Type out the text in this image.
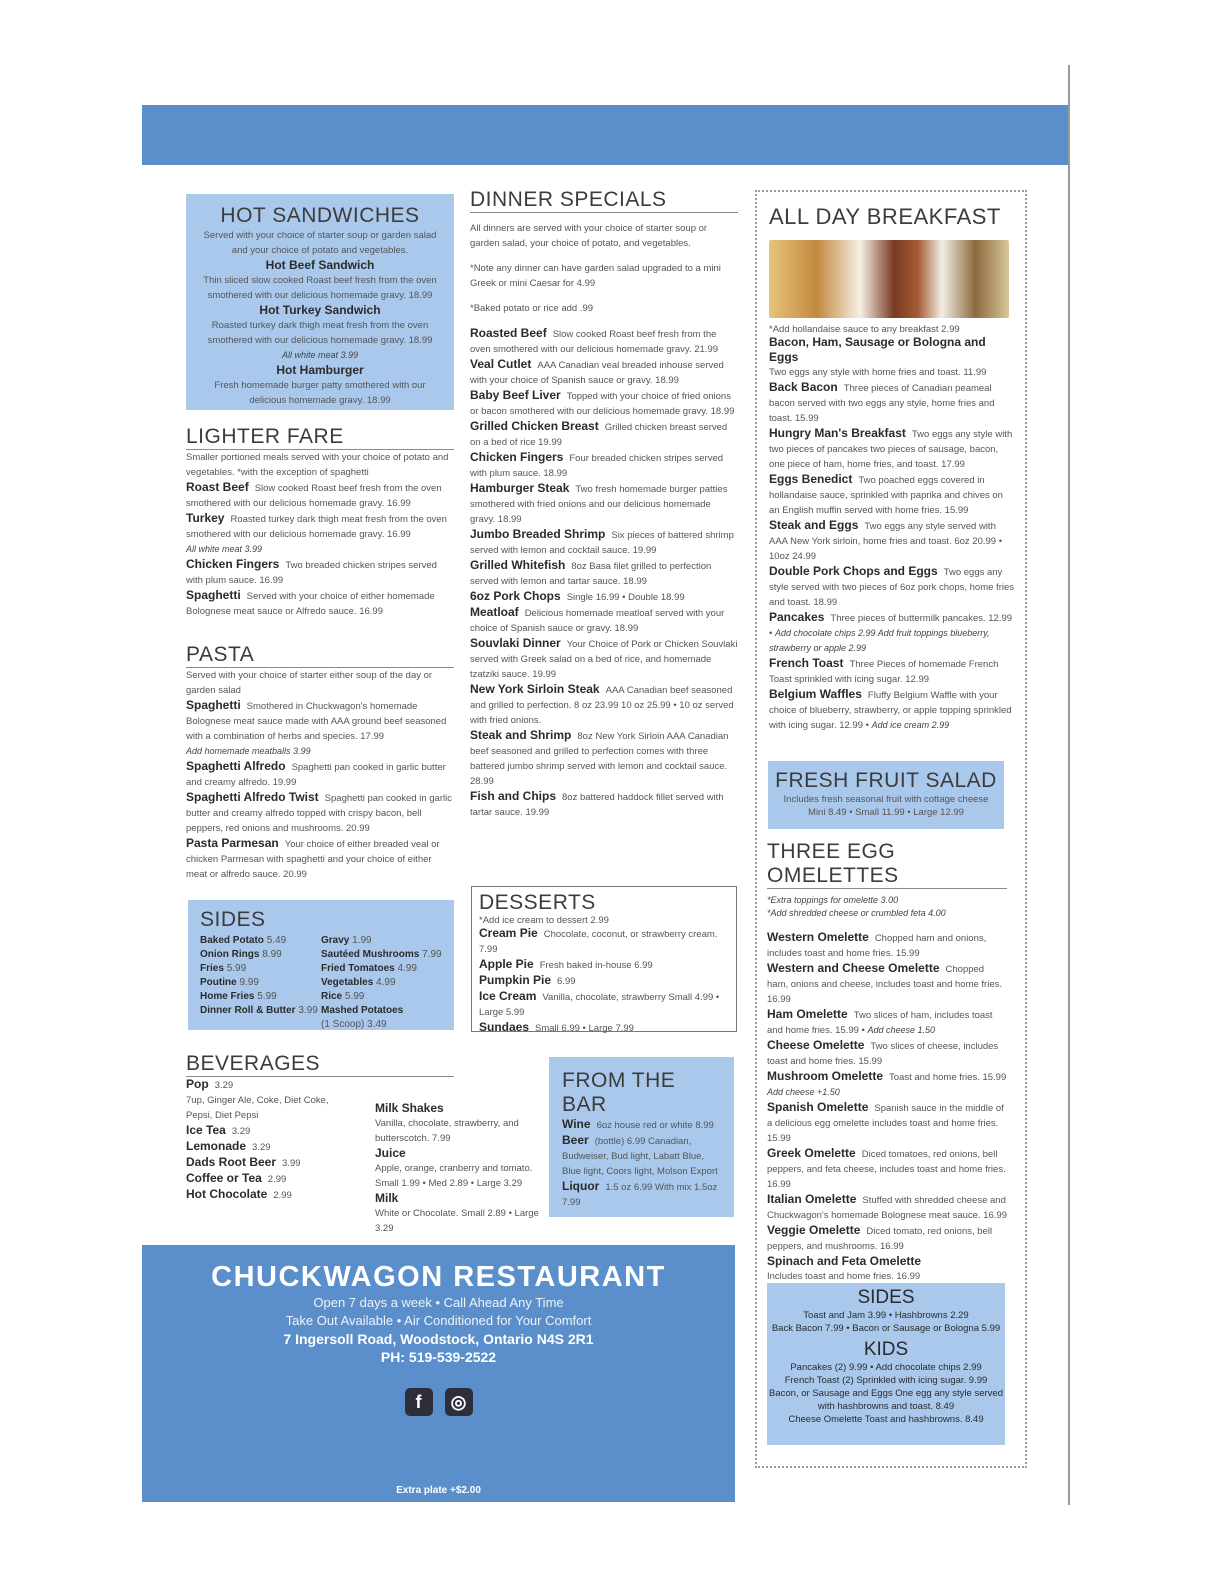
HOT SANDWICHES
Served with your choice of starter soup or garden salad and your choice of potato and vegetables.
Hot Beef Sandwich
Thin sliced slow cooked Roast beef fresh from the oven smothered with our delicious homemade gravy. 18.99
Hot Turkey Sandwich
Roasted turkey dark thigh meat fresh from the oven smothered with our delicious homemade gravy. 18.99
All white meat 3.99
Hot Hamburger
Fresh homemade burger patty smothered with our delicious homemade gravy. 18.99
LIGHTER FARE
Smaller portioned meals served with your choice of potato and vegetables. *with the exception of spaghetti

Roast Beef Slow cooked Roast beef fresh from the oven smothered with our delicious homemade gravy. 16.99

Turkey Roasted turkey dark thigh meat fresh from the oven smothered with our delicious homemade gravy. 16.99
All white meat 3.99

Chicken Fingers Two breaded chicken stripes served with plum sauce. 16.99

Spaghetti Served with your choice of either homemade Bolognese meat sauce or Alfredo sauce. 16.99

PASTA
Served with your choice of starter either soup of the day or garden salad

Spaghetti Smothered in Chuckwagon's homemade Bolognese meat sauce made with AAA ground beef seasoned with a combination of herbs and species. 17.99
Add homemade meatballs 3.99

Spaghetti Alfredo Spaghetti pan cooked in garlic butter and creamy alfredo. 19.99

Spaghetti Alfredo Twist Spaghetti pan cooked in garlic butter and creamy alfredo topped with crispy bacon, bell peppers, red onions and mushrooms. 20.99

Pasta Parmesan Your choice of either breaded veal or chicken Parmesan with spaghetti and your choice of either meat or alfredo sauce. 20.99

SIDES
Baked Potato 5.49
Onion Rings 8.99
Fries 5.99
Poutine 9.99
Home Fries 5.99
Dinner Roll & Butter 3.99
Gravy 1.99
Sautéed Mushrooms 7.99
Fried Tomatoes 4.99
Vegetables 4.99
Rice 5.99
Mashed Potatoes
(1 Scoop) 3.49
BEVERAGES

Pop 3.29

7up, Ginger Ale, Coke, Diet Coke, Pepsi, Diet Pepsi

Ice Tea 3.29

Lemonade 3.29

Dads Root Beer 3.99

Coffee or Tea 2.99

Hot Chocolate 2.99

Milk Shakes
Vanilla, chocolate, strawberry, and butterscotch. 7.99

Juice
Apple, orange, cranberry and tomato. Small 1.99 • Med 2.89 • Large 3.29

Milk
White or Chocolate. Small 2.89 • Large 3.29

DINNER SPECIALS
All dinners are served with your choice of starter soup or garden salad, your choice of potato, and vegetables.
*Note any dinner can have garden salad upgraded to a mini Greek or mini Caesar for 4.99
*Baked potato or rice add .99

Roasted Beef Slow cooked Roast beef fresh from the oven smothered with our delicious homemade gravy. 21.99

Veal Cutlet AAA Canadian veal breaded inhouse served with your choice of Spanish sauce or gravy. 18.99

Baby Beef Liver Topped with your choice of fried onions or bacon smothered with our delicious homemade gravy. 18.99

Grilled Chicken Breast Grilled chicken breast served on a bed of rice 19.99

Chicken Fingers Four breaded chicken stripes served with plum sauce. 18.99

Hamburger Steak Two fresh homemade burger patties smothered with fried onions and our delicious homemade gravy. 18.99

Jumbo Breaded Shrimp Six pieces of battered shrimp served with lemon and cocktail sauce. 19.99

Grilled Whitefish 8oz Basa filet grilled to perfection served with lemon and tartar sauce. 18.99

6oz Pork Chops Single 16.99 • Double 18.99

Meatloaf Delicious homemade meatloaf served with your choice of Spanish sauce or gravy. 18.99

Souvlaki Dinner Your Choice of Pork or Chicken Souvlaki served with Greek salad on a bed of rice, and homemade tzatziki sauce. 19.99

New York Sirloin Steak AAA Canadian beef seasoned and grilled to perfection. 8 oz 23.99 10 oz 25.99 • 10 oz served with fried onions.

Steak and Shrimp 8oz New York Sirloin AAA Canadian beef seasoned and grilled to perfection comes with three battered jumbo shrimp served with lemon and cocktail sauce. 28.99

Fish and Chips 8oz battered haddock fillet served with tartar sauce. 19.99

DESSERTS
*Add ice cream to dessert 2.99

Cream Pie Chocolate, coconut, or strawberry cream. 7.99

Apple Pie Fresh baked in-house 6.99

Pumpkin Pie 6.99

Ice Cream Vanilla, chocolate, strawberry Small 4.99 • Large 5.99

Sundaes Small 6.99 • Large 7.99

FROM THE BAR

Wine 6oz house red or white 8.99

Beer (bottle) 6.99 Canadian, Budweiser, Bud light, Labatt Blue, Blue light, Coors light, Molson Export

Liquor 1.5 oz 6.99 With mix 1.5oz 7.99

CHUCKWAGON RESTAURANT
Open 7 days a week • Call Ahead Any Time
Take Out Available • Air Conditioned for Your Comfort
7 Ingersoll Road, Woodstock, Ontario N4S 2R1
PH: 519-539-2522
f	◎
Extra plate +$2.00
ALL DAY BREAKFAST
*Add hollandaise sauce to any breakfast 2.99

Bacon, Ham, Sausage or Bologna and Eggs
Two eggs any style with home fries and toast. 11.99

Back Bacon Three pieces of Canadian peameal bacon served with two eggs any style, home fries and toast. 15.99

Hungry Man's Breakfast Two eggs any style with two pieces of pancakes two pieces of sausage, bacon, one piece of ham, home fries, and toast. 17.99

Eggs Benedict Two poached eggs covered in hollandaise sauce, sprinkled with paprika and chives on an English muffin served with home fries. 15.99

Steak and Eggs Two eggs any style served with AAA New York sirloin, home fries and toast. 6oz 20.99 • 10oz 24.99

Double Pork Chops and Eggs Two eggs any style served with two pieces of 6oz pork chops, home fries and toast. 18.99

Pancakes Three pieces of buttermilk pancakes. 12.99 • Add chocolate chips 2.99 Add fruit toppings blueberry, strawberry or apple 2.99

French Toast Three Pieces of homemade French Toast sprinkled with icing sugar. 12.99

Belgium Waffles Fluffy Belgium Waffle with your choice of blueberry, strawberry, or apple topping sprinkled with icing sugar. 12.99 • Add ice cream 2.99

FRESH FRUIT SALAD
Includes fresh seasonal fruit with cottage cheese
Mini 8.49 • Small 11.99 • Large 12.99
THREE EGG OMELETTES
*Extra toppings for omelette 3.00
*Add shredded cheese or crumbled feta 4.00

Western Omelette Chopped ham and onions, includes toast and home fries. 15.99

Western and Cheese Omelette Chopped ham, onions and cheese, includes toast and home fries. 16.99

Ham Omelette Two slices of ham, includes toast and home fries. 15.99 • Add cheese 1.50

Cheese Omelette Two slices of cheese, includes toast and home fries. 15.99

Mushroom Omelette Toast and home fries. 15.99
Add cheese +1.50

Spanish Omelette Spanish sauce in the middle of a delicious egg omelette includes toast and home fries. 15.99

Greek Omelette Diced tomatoes, red onions, bell peppers, and feta cheese, includes toast and home fries. 16.99

Italian Omelette Stuffed with shredded cheese and Chuckwagon's homemade Bolognese meat sauce. 16.99

Veggie Omelette Diced tomato, red onions, bell peppers, and mushrooms. 16.99

Spinach and Feta Omelette
Includes toast and home fries. 16.99

SIDES
Toast and Jam 3.99 • Hashbrowns 2.29
Back Bacon 7.99 • Bacon or Sausage or Bologna 5.99
KIDS
Pancakes (2) 9.99 • Add chocolate chips 2.99
French Toast (2) Sprinkled with icing sugar. 9.99
Bacon, or Sausage and Eggs One egg any style served with hashbrowns and toast. 8.49
Cheese Omelette Toast and hashbrowns. 8.49
